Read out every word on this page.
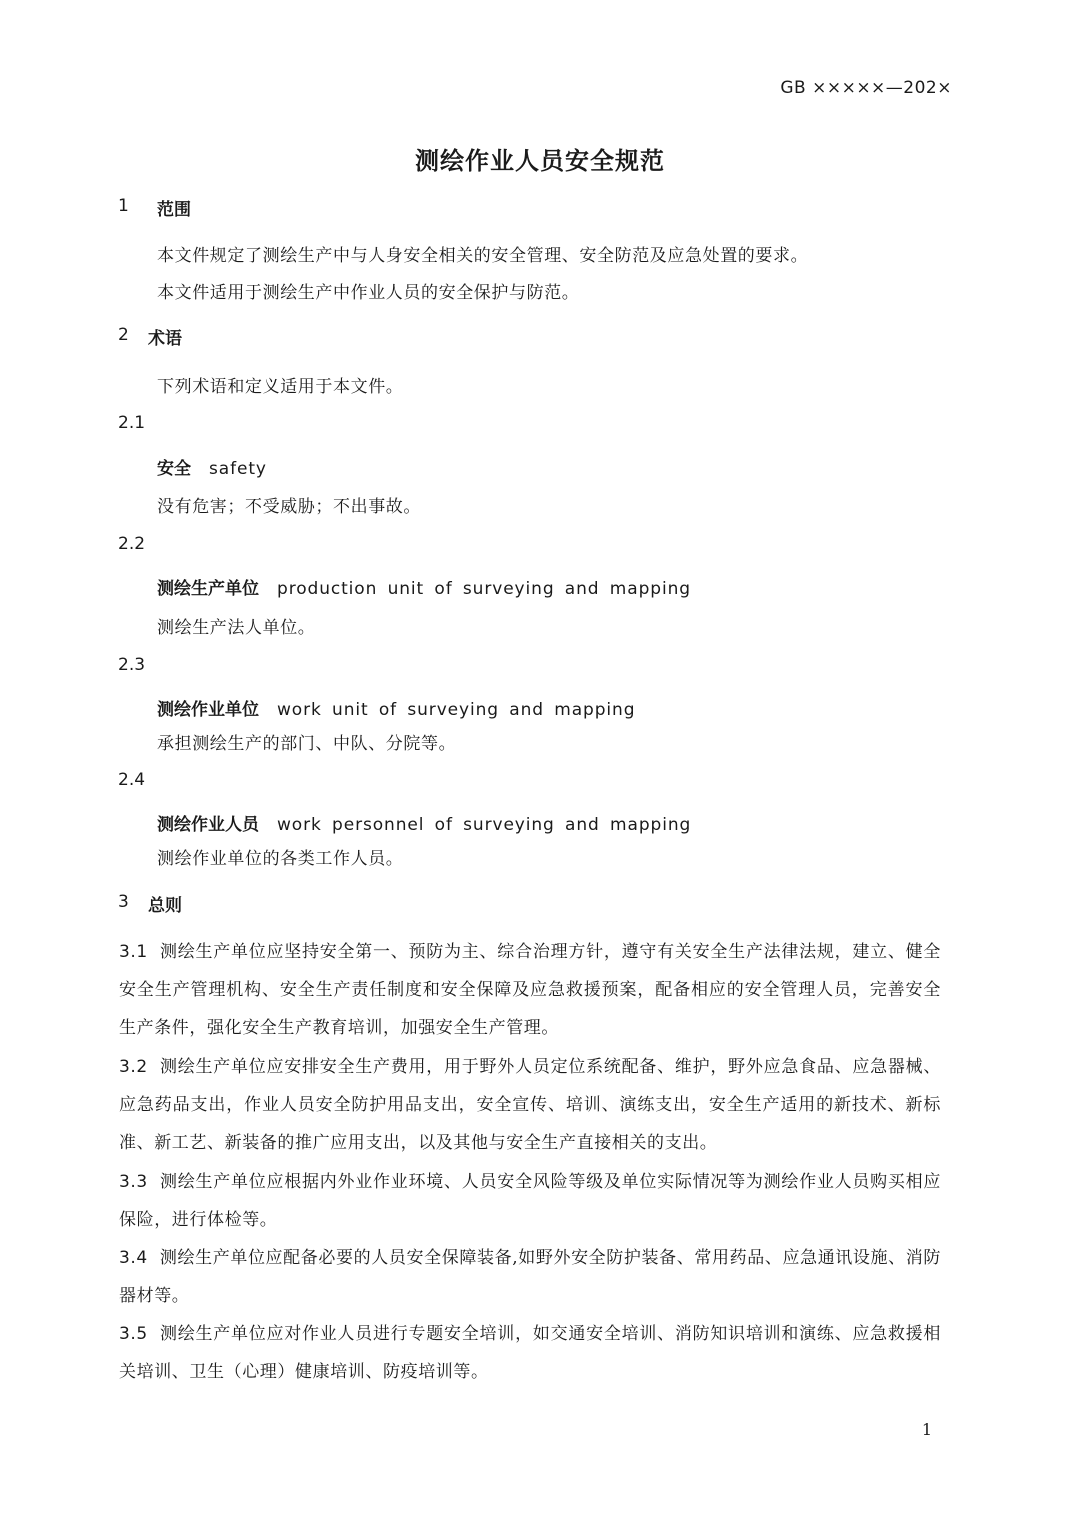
GB ×××××—202×
测绘作业人员安全规范
1 范围
本文件规定了测绘生产中与人身安全相关的安全管理、安全防范及应急处置的要求。
本文件适用于测绘生产中作业人员的安全保护与防范。
2 术语
下列术语和定义适用于本文件。
2.1
安全 safety
没有危害；不受威胁；不出事故。
2.2
测绘生产单位 production unit of surveying and mapping
测绘生产法人单位。
2.3
测绘作业单位 work unit of surveying and mapping
承担测绘生产的部门、中队、分院等。
2.4
测绘作业人员 work personnel of surveying and mapping
测绘作业单位的各类工作人员。
3 总则
3.1 测绘生产单位应坚持安全第一、预防为主、综合治理方针，遵守有关安全生产法律法规，建立、健全安全生产管理机构、安全生产责任制度和安全保障及应急救援预案，配备相应的安全管理人员，完善安全生产条件，强化安全生产教育培训，加强安全生产管理。
3.2 测绘生产单位应安排安全生产费用，用于野外人员定位系统配备、维护，野外应急食品、应急器械、应急药品支出，作业人员安全防护用品支出，安全宣传、培训、演练支出，安全生产适用的新技术、新标准、新工艺、新装备的推广应用支出，以及其他与安全生产直接相关的支出。
3.3 测绘生产单位应根据内外业作业环境、人员安全风险等级及单位实际情况等为测绘作业人员购买相应保险，进行体检等。
3.4 测绘生产单位应配备必要的人员安全保障装备,如野外安全防护装备、常用药品、应急通讯设施、消防器材等。
3.5 测绘生产单位应对作业人员进行专题安全培训，如交通安全培训、消防知识培训和演练、应急救援相关培训、卫生（心理）健康培训、防疫培训等。
1
